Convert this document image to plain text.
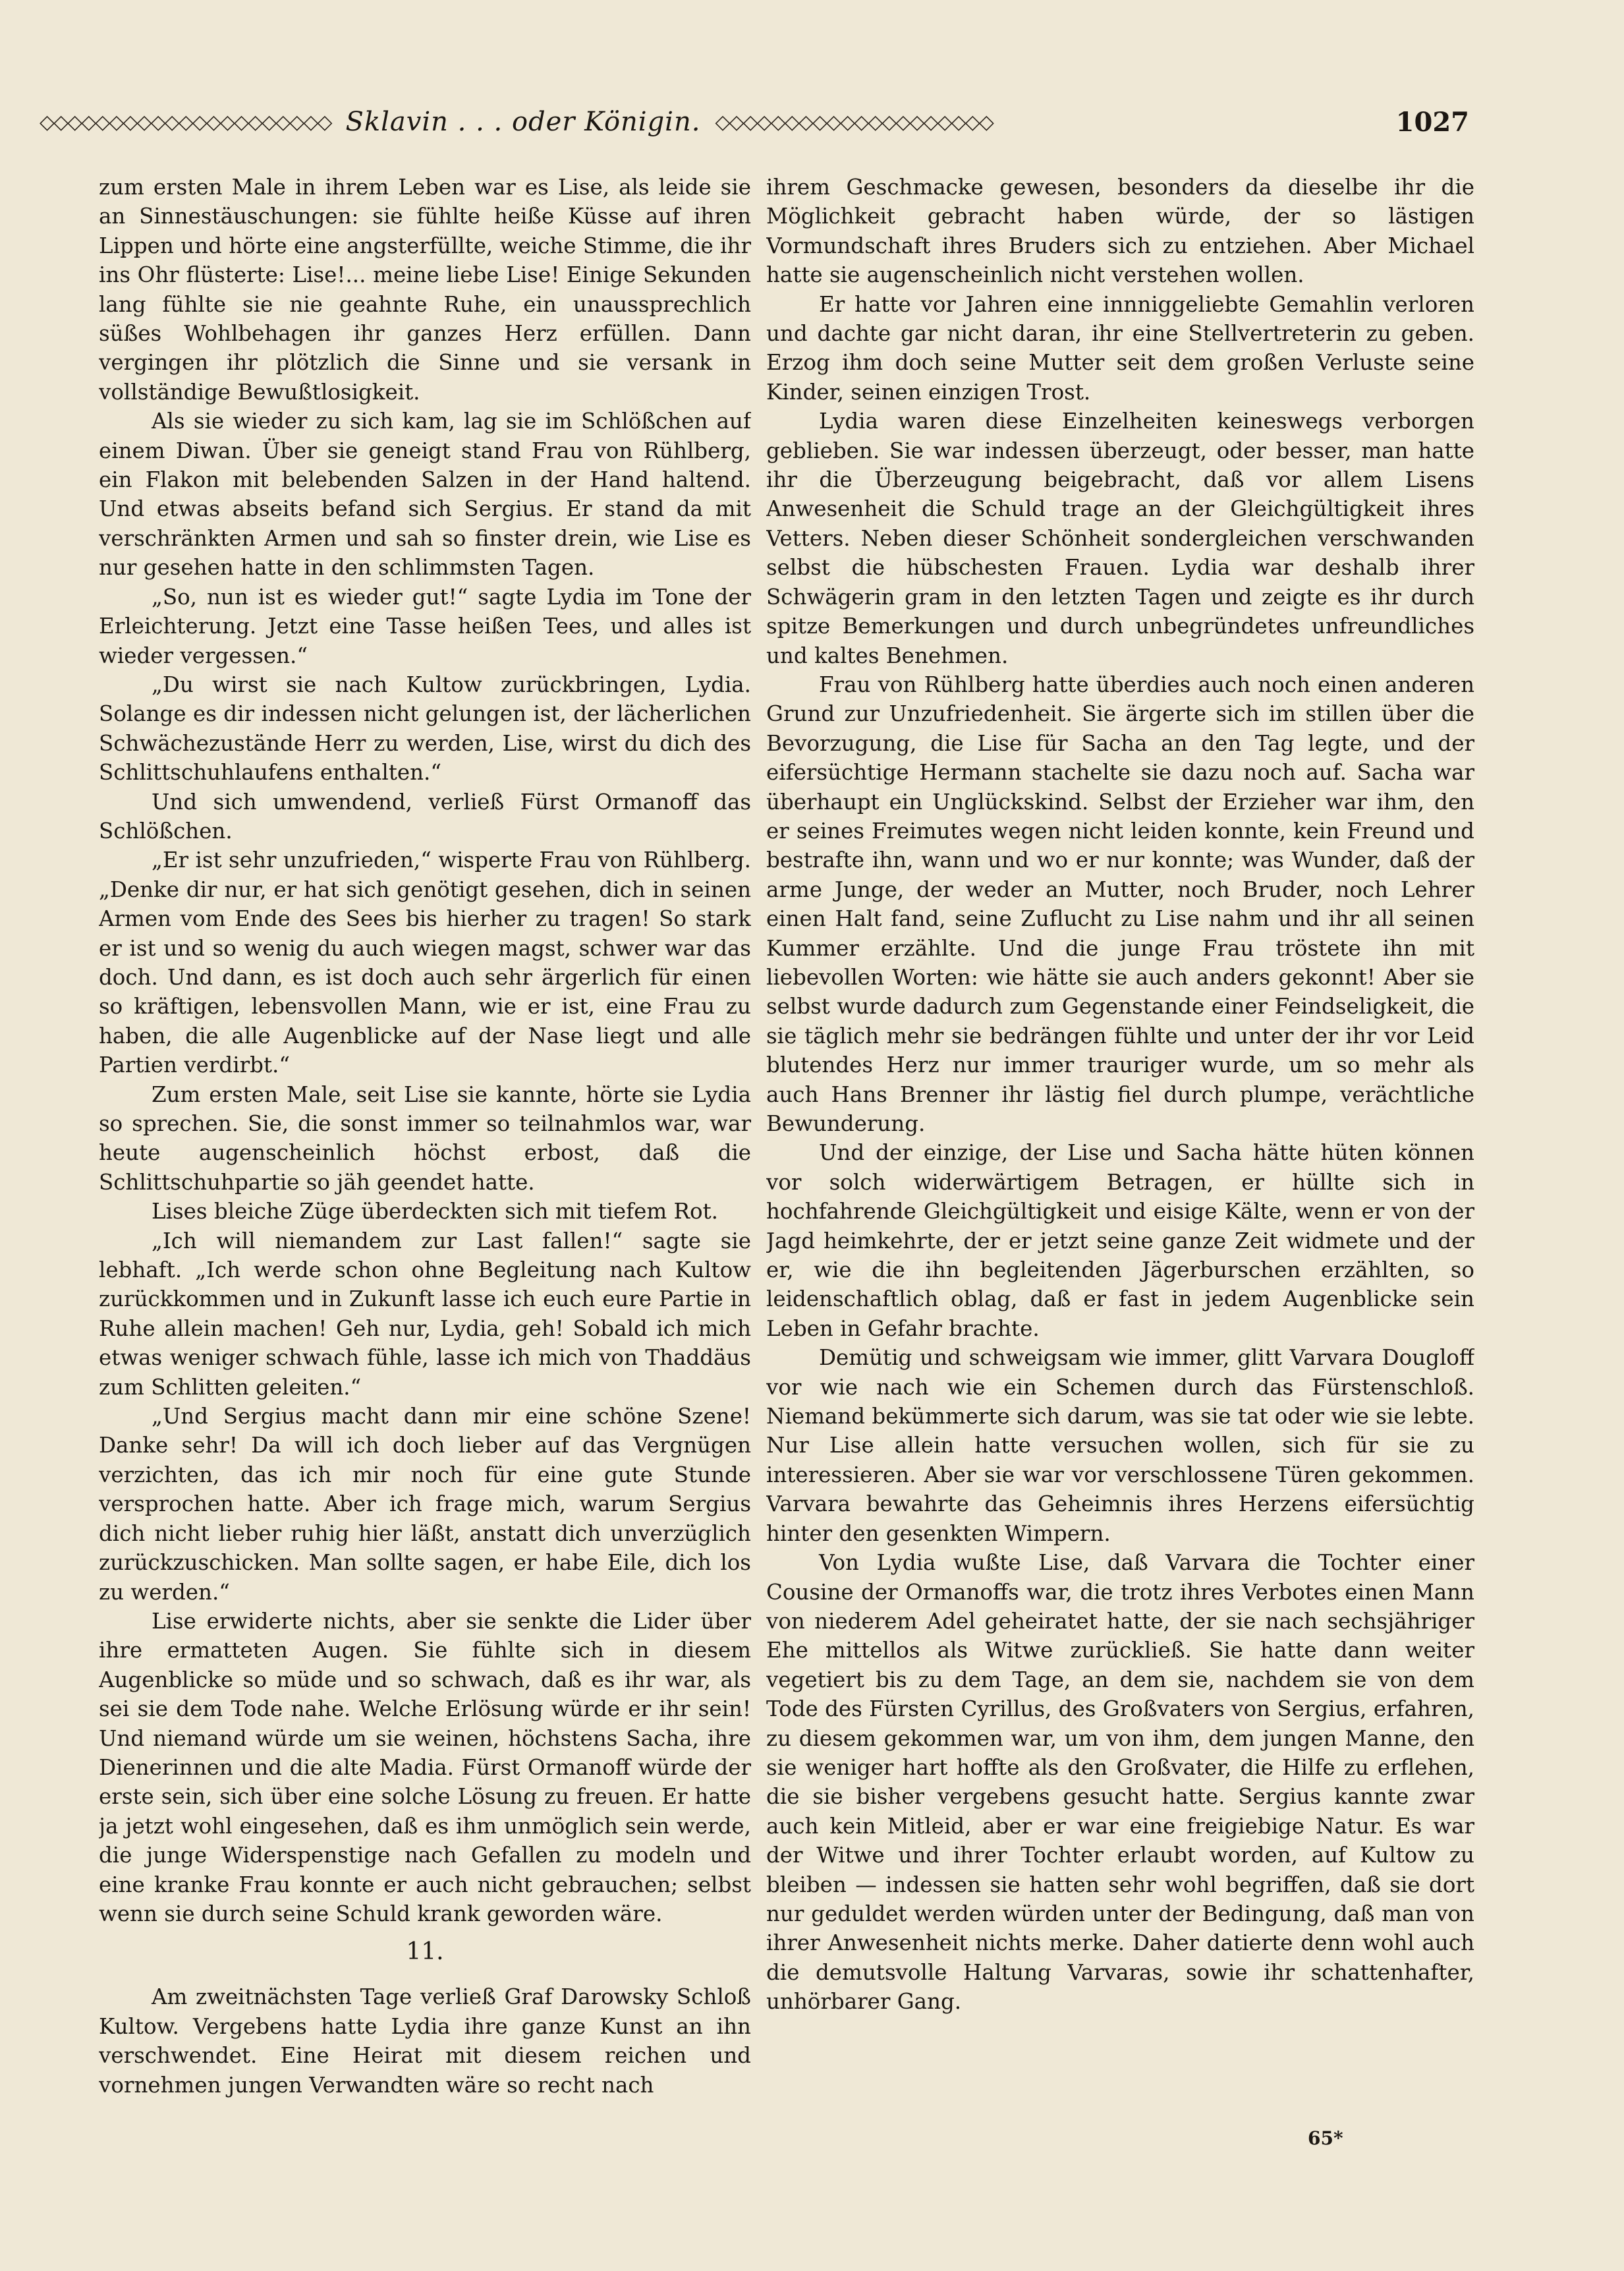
◇◇◇◇◇◇◇◇◇◇◇◇◇◇◇◇◇◇◇◇◇ Sklavin . . . oder Königin. ◇◇◇◇◇◇◇◇◇◇◇◇◇◇◇◇◇◇◇◇	1027

zum ersten Male in ihrem Leben war es Lise, als leide sie an Sinnestäuschungen: sie fühlte heiße Küsse auf ihren Lippen und hörte eine angsterfüllte, weiche Stimme, die ihr ins Ohr flüsterte: Lise!... meine liebe Lise! Einige Sekunden lang fühlte sie nie geahnte Ruhe, ein unaussprechlich süßes Wohlbehagen ihr ganzes Herz erfüllen. Dann vergingen ihr plötzlich die Sinne und sie versank in vollständige Bewußtlosigkeit.

Als sie wieder zu sich kam, lag sie im Schlößchen auf einem Diwan. Über sie geneigt stand Frau von Rühlberg, ein Flakon mit belebenden Salzen in der Hand haltend. Und etwas abseits befand sich Sergius. Er stand da mit verschränkten Armen und sah so finster drein, wie Lise es nur gesehen hatte in den schlimmsten Tagen.

„So, nun ist es wieder gut!“ sagte Lydia im Tone der Erleichterung. Jetzt eine Tasse heißen Tees, und alles ist wieder vergessen.“

„Du wirst sie nach Kultow zurückbringen, Lydia. Solange es dir indessen nicht gelungen ist, der lächerlichen Schwächezustände Herr zu werden, Lise, wirst du dich des Schlittschuhlaufens enthalten.“

Und sich umwendend, verließ Fürst Ormanoff das Schlößchen.

„Er ist sehr unzufrieden,“ wisperte Frau von Rühlberg. „Denke dir nur, er hat sich genötigt gesehen, dich in seinen Armen vom Ende des Sees bis hierher zu tragen! So stark er ist und so wenig du auch wiegen magst, schwer war das doch. Und dann, es ist doch auch sehr ärgerlich für einen so kräftigen, lebensvollen Mann, wie er ist, eine Frau zu haben, die alle Augenblicke auf der Nase liegt und alle Partien verdirbt.“

Zum ersten Male, seit Lise sie kannte, hörte sie Lydia so sprechen. Sie, die sonst immer so teilnahmlos war, war heute augenscheinlich höchst erbost, daß die Schlittschuhpartie so jäh geendet hatte.

Lises bleiche Züge überdeckten sich mit tiefem Rot.

„Ich will niemandem zur Last fallen!“ sagte sie lebhaft. „Ich werde schon ohne Begleitung nach Kultow zurückkommen und in Zukunft lasse ich euch eure Partie in Ruhe allein machen! Geh nur, Lydia, geh! Sobald ich mich etwas weniger schwach fühle, lasse ich mich von Thaddäus zum Schlitten geleiten.“

„Und Sergius macht dann mir eine schöne Szene! Danke sehr! Da will ich doch lieber auf das Vergnügen verzichten, das ich mir noch für eine gute Stunde versprochen hatte. Aber ich frage mich, warum Sergius dich nicht lieber ruhig hier läßt, anstatt dich unverzüglich zurückzuschicken. Man sollte sagen, er habe Eile, dich los zu werden.“

Lise erwiderte nichts, aber sie senkte die Lider über ihre ermatteten Augen. Sie fühlte sich in diesem Augenblicke so müde und so schwach, daß es ihr war, als sei sie dem Tode nahe. Welche Erlösung würde er ihr sein! Und niemand würde um sie weinen, höchstens Sacha, ihre Dienerinnen und die alte Madia. Fürst Ormanoff würde der erste sein, sich über eine solche Lösung zu freuen. Er hatte ja jetzt wohl eingesehen, daß es ihm unmöglich sein werde, die junge Widerspenstige nach Gefallen zu modeln und eine kranke Frau konnte er auch nicht gebrauchen; selbst wenn sie durch seine Schuld krank geworden wäre.

11.

Am zweitnächsten Tage verließ Graf Darowsky Schloß Kultow. Vergebens hatte Lydia ihre ganze Kunst an ihn verschwendet. Eine Heirat mit diesem reichen und vornehmen jungen Verwandten wäre so recht nach

ihrem Geschmacke gewesen, besonders da dieselbe ihr die Möglichkeit gebracht haben würde, der so lästigen Vormundschaft ihres Bruders sich zu entziehen. Aber Michael hatte sie augenscheinlich nicht verstehen wollen.

Er hatte vor Jahren eine innniggeliebte Gemahlin verloren und dachte gar nicht daran, ihr eine Stellvertreterin zu geben. Erzog ihm doch seine Mutter seit dem großen Verluste seine Kinder, seinen einzigen Trost.

Lydia waren diese Einzelheiten keineswegs verborgen geblieben. Sie war indessen überzeugt, oder besser, man hatte ihr die Überzeugung beigebracht, daß vor allem Lisens Anwesenheit die Schuld trage an der Gleichgültigkeit ihres Vetters. Neben dieser Schönheit sondergleichen verschwanden selbst die hübschesten Frauen. Lydia war deshalb ihrer Schwägerin gram in den letzten Tagen und zeigte es ihr durch spitze Bemerkungen und durch unbegründetes unfreundliches und kaltes Benehmen.

Frau von Rühlberg hatte überdies auch noch einen anderen Grund zur Unzufriedenheit. Sie ärgerte sich im stillen über die Bevorzugung, die Lise für Sacha an den Tag legte, und der eifersüchtige Hermann stachelte sie dazu noch auf. Sacha war überhaupt ein Unglückskind. Selbst der Erzieher war ihm, den er seines Freimutes wegen nicht leiden konnte, kein Freund und bestrafte ihn, wann und wo er nur konnte; was Wunder, daß der arme Junge, der weder an Mutter, noch Bruder, noch Lehrer einen Halt fand, seine Zuflucht zu Lise nahm und ihr all seinen Kummer erzählte. Und die junge Frau tröstete ihn mit liebevollen Worten: wie hätte sie auch anders gekonnt! Aber sie selbst wurde dadurch zum Gegenstande einer Feindseligkeit, die sie täglich mehr sie bedrängen fühlte und unter der ihr vor Leid blutendes Herz nur immer trauriger wurde, um so mehr als auch Hans Brenner ihr lästig fiel durch plumpe, verächtliche Bewunderung.

Und der einzige, der Lise und Sacha hätte hüten können vor solch widerwärtigem Betragen, er hüllte sich in hochfahrende Gleichgültigkeit und eisige Kälte, wenn er von der Jagd heimkehrte, der er jetzt seine ganze Zeit widmete und der er, wie die ihn begleitenden Jägerburschen erzählten, so leidenschaftlich oblag, daß er fast in jedem Augenblicke sein Leben in Gefahr brachte.

Demütig und schweigsam wie immer, glitt Varvara Dougloff vor wie nach wie ein Schemen durch das Fürstenschloß. Niemand bekümmerte sich darum, was sie tat oder wie sie lebte. Nur Lise allein hatte versuchen wollen, sich für sie zu interessieren. Aber sie war vor verschlossene Türen gekommen. Varvara bewahrte das Geheimnis ihres Herzens eifersüchtig hinter den gesenkten Wimpern.

Von Lydia wußte Lise, daß Varvara die Tochter einer Cousine der Ormanoffs war, die trotz ihres Verbotes einen Mann von niederem Adel geheiratet hatte, der sie nach sechsjähriger Ehe mittellos als Witwe zurückließ. Sie hatte dann weiter vegetiert bis zu dem Tage, an dem sie, nachdem sie von dem Tode des Fürsten Cyrillus, des Großvaters von Sergius, erfahren, zu diesem gekommen war, um von ihm, dem jungen Manne, den sie weniger hart hoffte als den Großvater, die Hilfe zu erflehen, die sie bisher vergebens gesucht hatte. Sergius kannte zwar auch kein Mitleid, aber er war eine freigiebige Natur. Es war der Witwe und ihrer Tochter erlaubt worden, auf Kultow zu bleiben — indessen sie hatten sehr wohl begriffen, daß sie dort nur geduldet werden würden unter der Bedingung, daß man von ihrer Anwesenheit nichts merke. Daher datierte denn wohl auch die demutsvolle Haltung Varvaras, sowie ihr schattenhafter, unhörbarer Gang.

65*
